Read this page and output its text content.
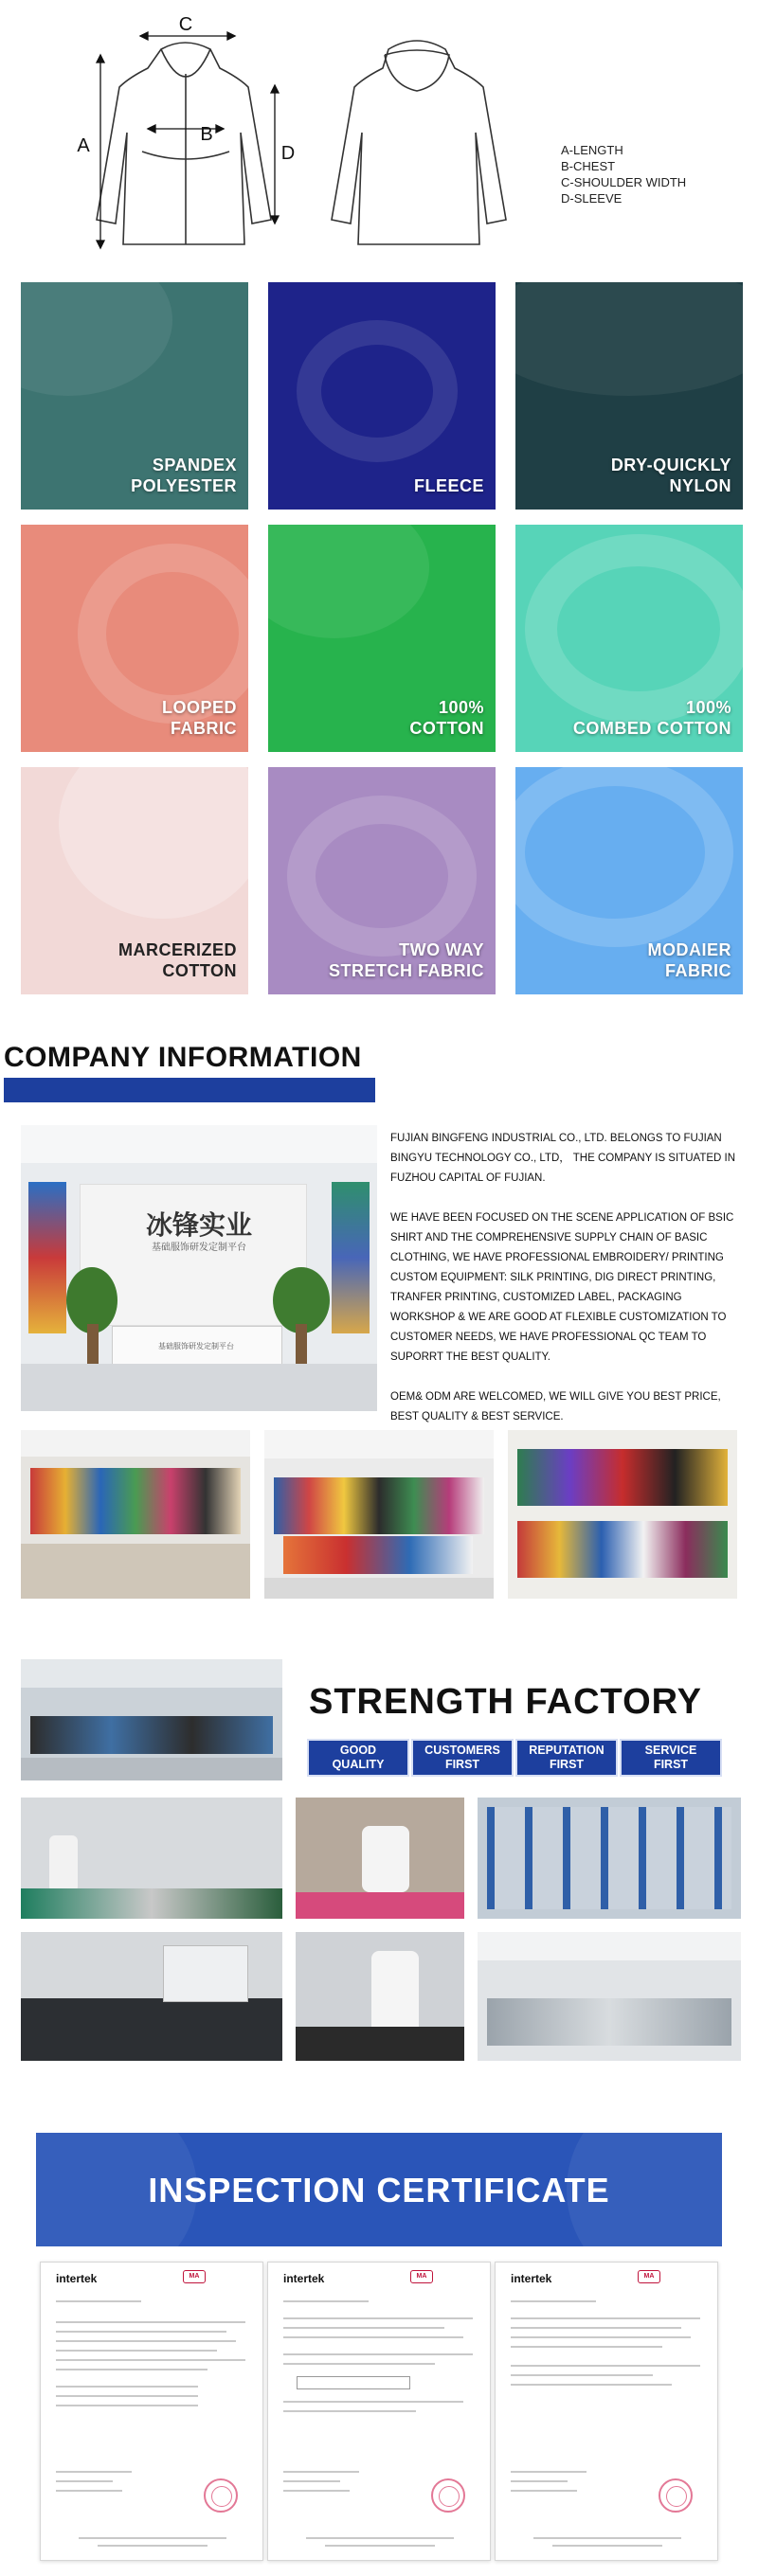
C
A
B
D	A-LENGTH
B-CHEST
C-SHOULDER WIDTH
D-SLEEVE
SPANDEX
POLYESTER	FLEECE
DRY-QUICKLY
NYLON
LOOPED
FABRIC
100%
COTTON
100%
COMBED COTTON
MARCERIZED
COTTON
TWO WAY
STRETCH FABRIC
MODAIER
FABRIC
COMPANY INFORMATION
冰锋实业
基础服饰研发定制平台
基础服饰研发定制平台

FUJIAN BINGFENG INDUSTRIAL CO., LTD. BELONGS TO FUJIAN BINGYU TECHNOLOGY CO., LTD， THE COMPANY IS SITUATED IN FUZHOU CAPITAL OF FUJIAN.

WE HAVE BEEN FOCUSED ON THE SCENE APPLICATION OF BSIC SHIRT AND THE COMPREHENSIVE SUPPLY CHAIN OF BASIC CLOTHING, WE HAVE PROFESSIONAL EMBROIDERY/ PRINTING CUSTOM EQUIPMENT: SILK PRINTING, DIG DIRECT PRINTING, TRANFER PRINTING, CUSTOMIZED LABEL, PACKAGING WORKSHOP & WE ARE GOOD AT FLEXIBLE CUSTOMIZATION TO CUSTOMER NEEDS, WE HAVE PROFESSIONAL QC TEAM TO SUPORRT THE BEST QUALITY.

OEM& ODM ARE WELCOMED, WE WILL GIVE YOU BEST PRICE, BEST QUALITY & BEST SERVICE.

STRENGTH FACTORY
GOOD
QUALITY
CUSTOMERS
FIRST
REPUTATION
FIRST
SERVICE
FIRST
INSPECTION CERTIFICATE
intertek	MA	intertek	MA	intertek	MA
